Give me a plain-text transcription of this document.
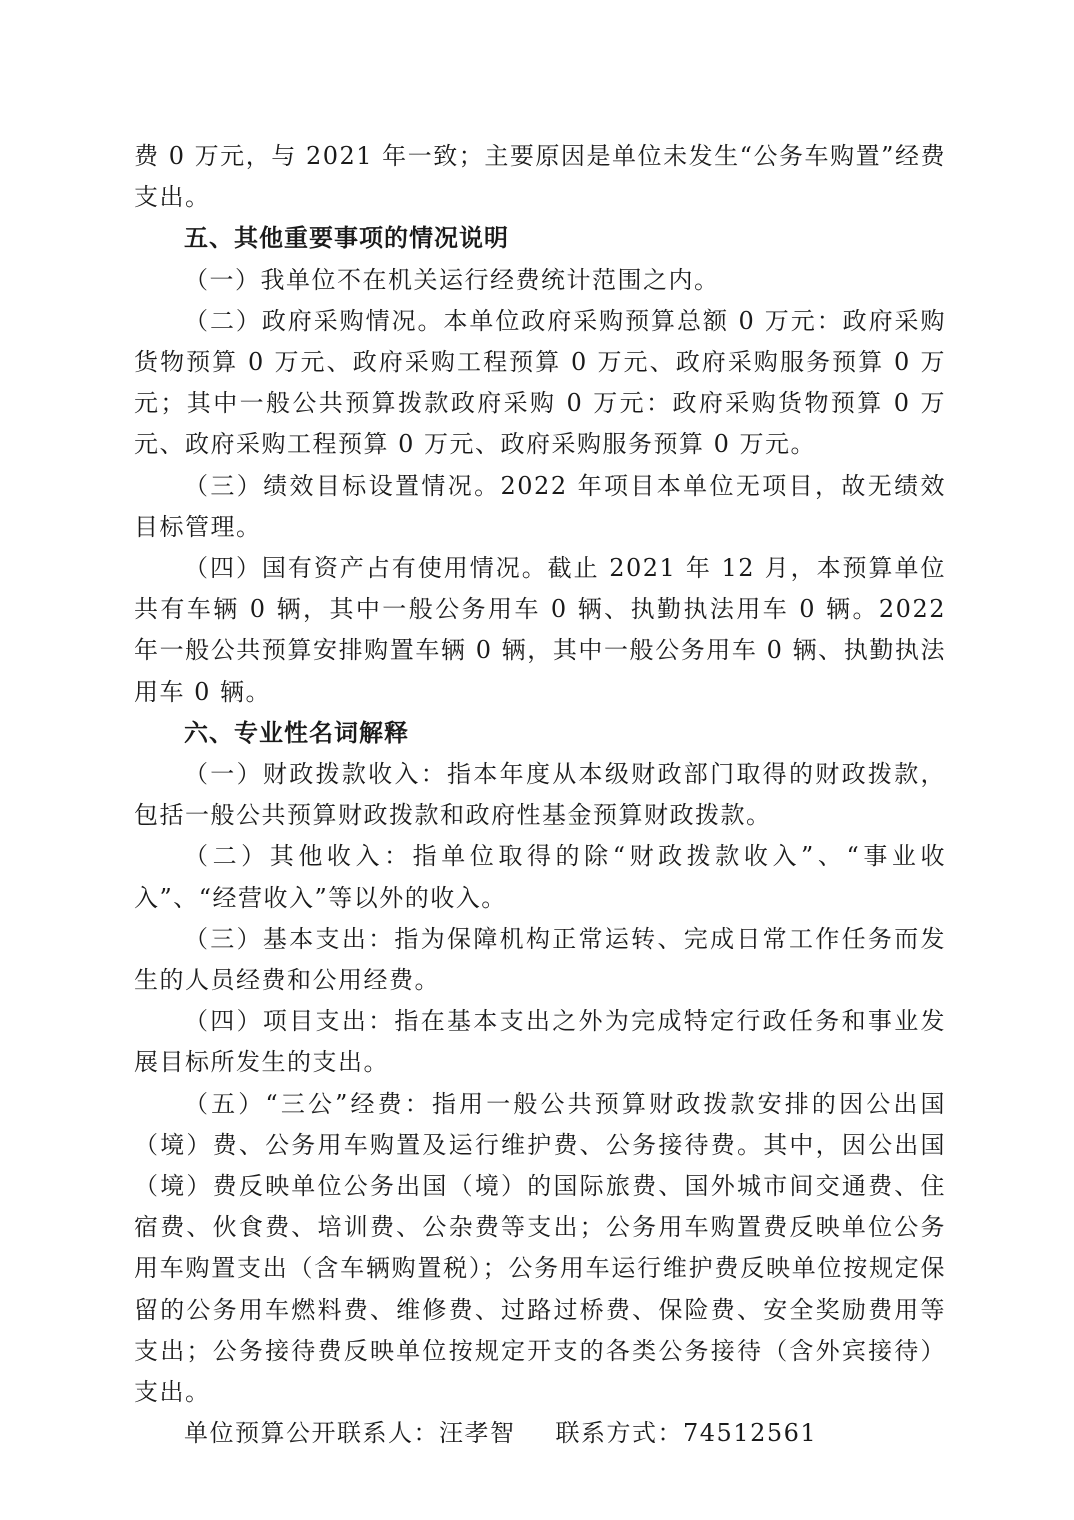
费 0 万元，与 2021 年一致；主要原因是单位未发生“公务车购置”经费支出。

五、其他重要事项的情况说明

（一）我单位不在机关运行经费统计范围之内。

（二）政府采购情况。本单位政府采购预算总额 0 万元：政府采购货物预算 0 万元、政府采购工程预算 0 万元、政府采购服务预算 0 万元；其中一般公共预算拨款政府采购 0 万元：政府采购货物预算 0 万元、政府采购工程预算 0 万元、政府采购服务预算 0 万元。

（三）绩效目标设置情况。2022 年项目本单位无项目，故无绩效目标管理。

（四）国有资产占有使用情况。截止 2021 年 12 月，本预算单位共有车辆 0 辆，其中一般公务用车 0 辆、执勤执法用车 0 辆。2022 年一般公共预算安排购置车辆 0 辆，其中一般公务用车 0 辆、执勤执法用车 0 辆。

六、专业性名词解释

（一）财政拨款收入：指本年度从本级财政部门取得的财政拨款，包括一般公共预算财政拨款和政府性基金预算财政拨款。

（二）其他收入：指单位取得的除“财政拨款收入”、“事业收入”、“经营收入”等以外的收入。

（三）基本支出：指为保障机构正常运转、完成日常工作任务而发生的人员经费和公用经费。

（四）项目支出：指在基本支出之外为完成特定行政任务和事业发展目标所发生的支出。

（五）“三公”经费：指用一般公共预算财政拨款安排的因公出国（境）费、公务用车购置及运行维护费、公务接待费。其中，因公出国（境）费反映单位公务出国（境）的国际旅费、国外城市间交通费、住宿费、伙食费、培训费、公杂费等支出；公务用车购置费反映单位公务用车购置支出（含车辆购置税）；公务用车运行维护费反映单位按规定保留的公务用车燃料费、维修费、过路过桥费、保险费、安全奖励费用等支出；公务接待费反映单位按规定开支的各类公务接待（含外宾接待）支出。

单位预算公开联系人：汪孝智 联系方式：74512561
